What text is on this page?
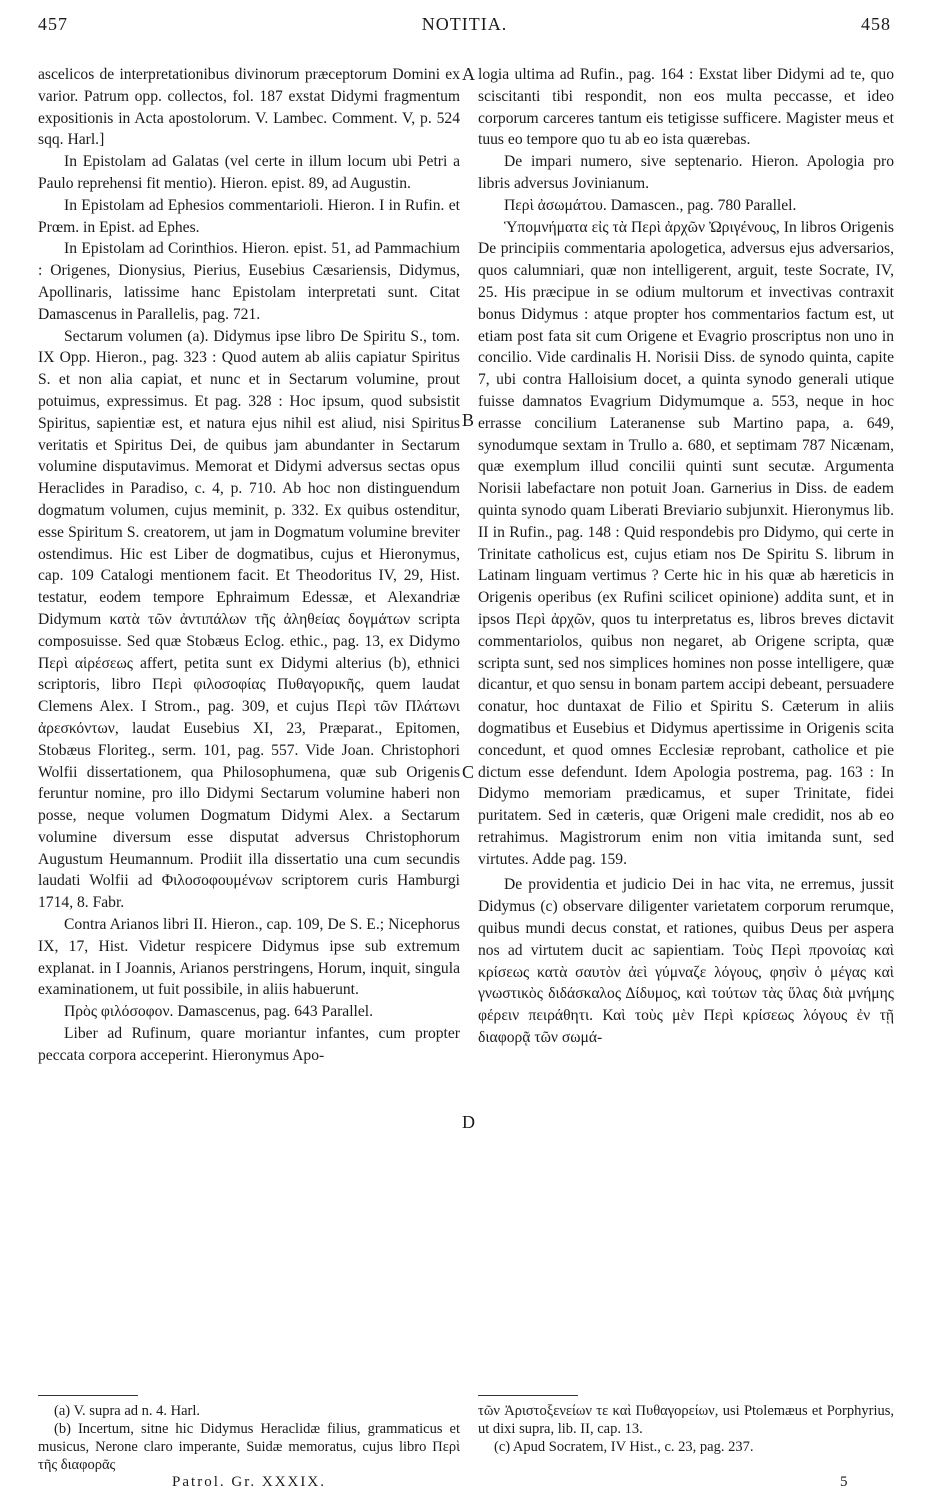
457	NOTITIA.	458

ascelicos de interpretationibus divinorum præceptorum Domini ex varior. Patrum opp. collectos, fol. 187 exstat Didymi fragmentum expositionis in Acta apostolorum. V. Lambec. Comment. V, p. 524 sqq. Harl.]

In Epistolam ad Galatas (vel certe in illum locum ubi Petri a Paulo reprehensi fit mentio). Hieron. epist. 89, ad Augustin.

In Epistolam ad Ephesios commentarioli. Hieron. I in Rufin. et Prœm. in Epist. ad Ephes.

In Epistolam ad Corinthios. Hieron. epist. 51, ad Pammachium : Origenes, Dionysius, Pierius, Eusebius Cæsariensis, Didymus, Apollinaris, latissime hanc Epistolam interpretati sunt. Citat Damascenus in Parallelis, pag. 721.

Sectarum volumen (a). Didymus ipse libro De Spiritu S., tom. IX Opp. Hieron., pag. 323 : Quod autem ab aliis capiatur Spiritus S. et non alia capiat, et nunc et in Sectarum volumine, prout potuimus, expressimus. Et pag. 328 : Hoc ipsum, quod subsistit Spiritus, sapientiæ est, et natura ejus nihil est aliud, nisi Spiritus veritatis et Spiritus Dei, de quibus jam abundanter in Sectarum volumine disputavimus. Memorat et Didymi adversus sectas opus Heraclides in Paradiso, c. 4, p. 710. Ab hoc non distinguendum dogmatum volumen, cujus meminit, p. 332. Ex quibus ostenditur, esse Spiritum S. creatorem, ut jam in Dogmatum volumine breviter ostendimus. Hic est Liber de dogmatibus, cujus et Hieronymus, cap. 109 Catalogi mentionem facit. Et Theodoritus IV, 29, Hist. testatur, eodem tempore Ephraimum Edessæ, et Alexandriæ Didymum κατὰ τῶν ἀντιπάλων τῆς ἀληθείας δογμάτων scripta composuisse. Sed quæ Stobæus Eclog. ethic., pag. 13, ex Didymo Περὶ αἱρέσεως affert, petita sunt ex Didymi alterius (b), ethnici scriptoris, libro Περὶ φιλοσοφίας Πυθαγορικῆς, quem laudat Clemens Alex. I Strom., pag. 309, et cujus Περὶ τῶν Πλάτωνι ἀρεσκόντων, laudat Eusebius XI, 23, Præparat., Epitomen, Stobæus Floriteg., serm. 101, pag. 557. Vide Joan. Christophori Wolfii dissertationem, qua Philosophumena, quæ sub Origenis feruntur nomine, pro illo Didymi Sectarum volumine haberi non posse, neque volumen Dogmatum Didymi Alex. a Sectarum volumine diversum esse disputat adversus Christophorum Augustum Heumannum. Prodiit illa dissertatio una cum secundis laudati Wolfii ad Φιλοσοφουμένων scriptorem curis Hamburgi 1714, 8. Fabr.

Contra Arianos libri II. Hieron., cap. 109, De S. E.; Nicephorus IX, 17, Hist. Videtur respicere Didymus ipse sub extremum explanat. in I Joannis, Arianos perstringens, Horum, inquit, singula examinationem, ut fuit possibile, in aliis habuerunt.

Πρὸς φιλόσοφον. Damascenus, pag. 643 Parallel.

Liber ad Rufinum, quare moriantur infantes, cum propter peccata corpora acceperint. Hieronymus Apo-

A
B
C
D

logia ultima ad Rufin., pag. 164 : Exstat liber Didymi ad te, quo sciscitanti tibi respondit, non eos multa peccasse, et ideo corporum carceres tantum eis tetigisse sufficere. Magister meus et tuus eo tempore quo tu ab eo ista quærebas.

De impari numero, sive septenario. Hieron. Apologia pro libris adversus Jovinianum.

Περὶ ἀσωμάτου. Damascen., pag. 780 Parallel.

Ὑπομνήματα εἰς τὰ Περὶ ἀρχῶν Ὠριγένους, In libros Origenis De principiis commentaria apologetica, adversus ejus adversarios, quos calumniari, quæ non intelligerent, arguit, teste Socrate, IV, 25. His præcipue in se odium multorum et invectivas contraxit bonus Didymus : atque propter hos commentarios factum est, ut etiam post fata sit cum Origene et Evagrio proscriptus non uno in concilio. Vide cardinalis H. Norisii Diss. de synodo quinta, capite 7, ubi contra Halloisium docet, a quinta synodo generali utique fuisse damnatos Evagrium Didymumque a. 553, neque in hoc errasse concilium Lateranense sub Martino papa, a. 649, synodumque sextam in Trullo a. 680, et septimam 787 Nicænam, quæ exemplum illud concilii quinti sunt secutæ. Argumenta Norisii labefactare non potuit Joan. Garnerius in Diss. de eadem quinta synodo quam Liberati Breviario subjunxit. Hieronymus lib. II in Rufin., pag. 148 : Quid respondebis pro Didymo, qui certe in Trinitate catholicus est, cujus etiam nos De Spiritu S. librum in Latinam linguam vertimus ? Certe hic in his quæ ab hæreticis in Origenis operibus (ex Rufini scilicet opinione) addita sunt, et in ipsos Περὶ ἀρχῶν, quos tu interpretatus es, libros breves dictavit commentariolos, quibus non negaret, ab Origene scripta, quæ scripta sunt, sed nos simplices homines non posse intelligere, quæ dicantur, et quo sensu in bonam partem accipi debeant, persuadere conatur, hoc duntaxat de Filio et Spiritu S. Cæterum in aliis dogmatibus et Eusebius et Didymus apertissime in Origenis scita concedunt, et quod omnes Ecclesiæ reprobant, catholice et pie dictum esse defendunt. Idem Apologia postrema, pag. 163 : In Didymo memoriam prædicamus, et super Trinitate, fidei puritatem. Sed in cæteris, quæ Origeni male credidit, nos ab eo retrahimus. Magistrorum enim non vitia imitanda sunt, sed virtutes. Adde pag. 159.

De providentia et judicio Dei in hac vita, ne erremus, jussit Didymus (c) observare diligenter varietatem corporum rerumque, quibus mundi decus constat, et rationes, quibus Deus per aspera nos ad virtutem ducit ac sapientiam. Τοὺς Περὶ προνοίας καὶ κρίσεως κατὰ σαυτὸν ἀεὶ γύμναζε λόγους, φησὶν ὁ μέγας καὶ γνωστικὸς διδάσκαλος Δίδυμος, καὶ τούτων τὰς ὕλας διὰ μνήμης φέρειν πειράθητι. Καὶ τοὺς μὲν Περὶ κρίσεως λόγους ἐν τῇ διαφορᾷ τῶν σωμά-

(a) V. supra ad n. 4. Harl.

(b) Incertum, sitne hic Didymus Heraclidæ filius, grammaticus et musicus, Nerone claro imperante, Suidæ memoratus, cujus libro Περὶ τῆς διαφορᾶς

τῶν Ἀριστοξενείων τε καὶ Πυθαγορείων, usi Ptolemæus et Porphyrius, ut dixi supra, lib. II, cap. 13.

(c) Apud Socratem, IV Hist., c. 23, pag. 237.

Patrol. Gr. XXXIX.	5
